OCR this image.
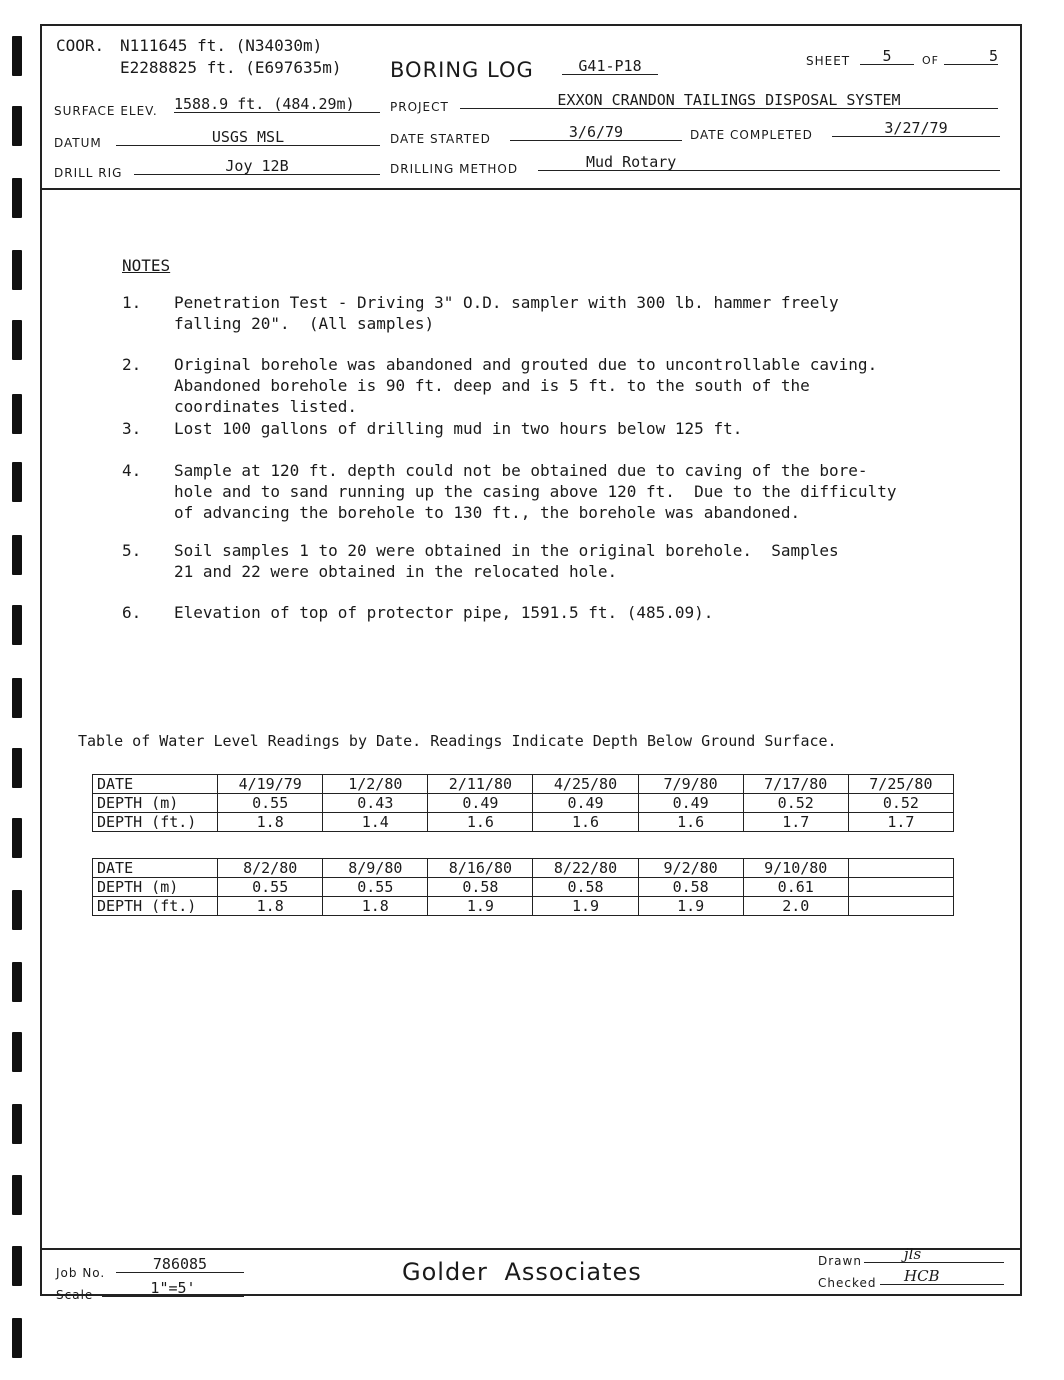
COOR. N111645 ft. (N34030m)
E2288825 ft. (E697635m) BORING LOG	G41-P18	SHEET	5	OF	5
SURFACE ELEV. 1588.9 ft. (484.29m)	PROJECT	EXXON CRANDON TAILINGS DISPOSAL SYSTEM
DATUM	USGS MSL	DATE STARTED	3/6/79	DATE COMPLETED	3/27/79
DRILL RIG	Joy 12B	DRILLING METHOD	Mud Rotary
NOTES
1. Penetration Test - Driving 3" O.D. sampler with 300 lb. hammer freely
falling 20".  (All samples)
2. Original borehole was abandoned and grouted due to uncontrollable caving.
Abandoned borehole is 90 ft. deep and is 5 ft. to the south of the
coordinates listed.
3. Lost 100 gallons of drilling mud in two hours below 125 ft.
4. Sample at 120 ft. depth could not be obtained due to caving of the bore-
hole and to sand running up the casing above 120 ft.  Due to the difficulty
of advancing the borehole to 130 ft., the borehole was abandoned.
5. Soil samples 1 to 20 were obtained in the original borehole.  Samples
21 and 22 were obtained in the relocated hole.
6. Elevation of top of protector pipe, 1591.5 ft. (485.09).
Table of Water Level Readings by Date. Readings Indicate Depth Below Ground Surface.
DATE	4/19/79	1/2/80	2/11/80	4/25/80	7/9/80	7/17/80	7/25/80
DEPTH (m)	0.55	0.43	0.49	0.49	0.49	0.52	0.52
DEPTH (ft.)	1.8	1.4	1.6	1.6	1.6	1.7	1.7
DATE	8/2/80	8/9/80	8/16/80	8/22/80	9/2/80	9/10/80	
DEPTH (m)	0.55	0.55	0.58	0.58	0.58	0.61	
DEPTH (ft.)	1.8	1.8	1.9	1.9	1.9	2.0	
Job No.	786085
Scale	1"=5'
Golder Associates	Drawn	jls
Checked	HCB
